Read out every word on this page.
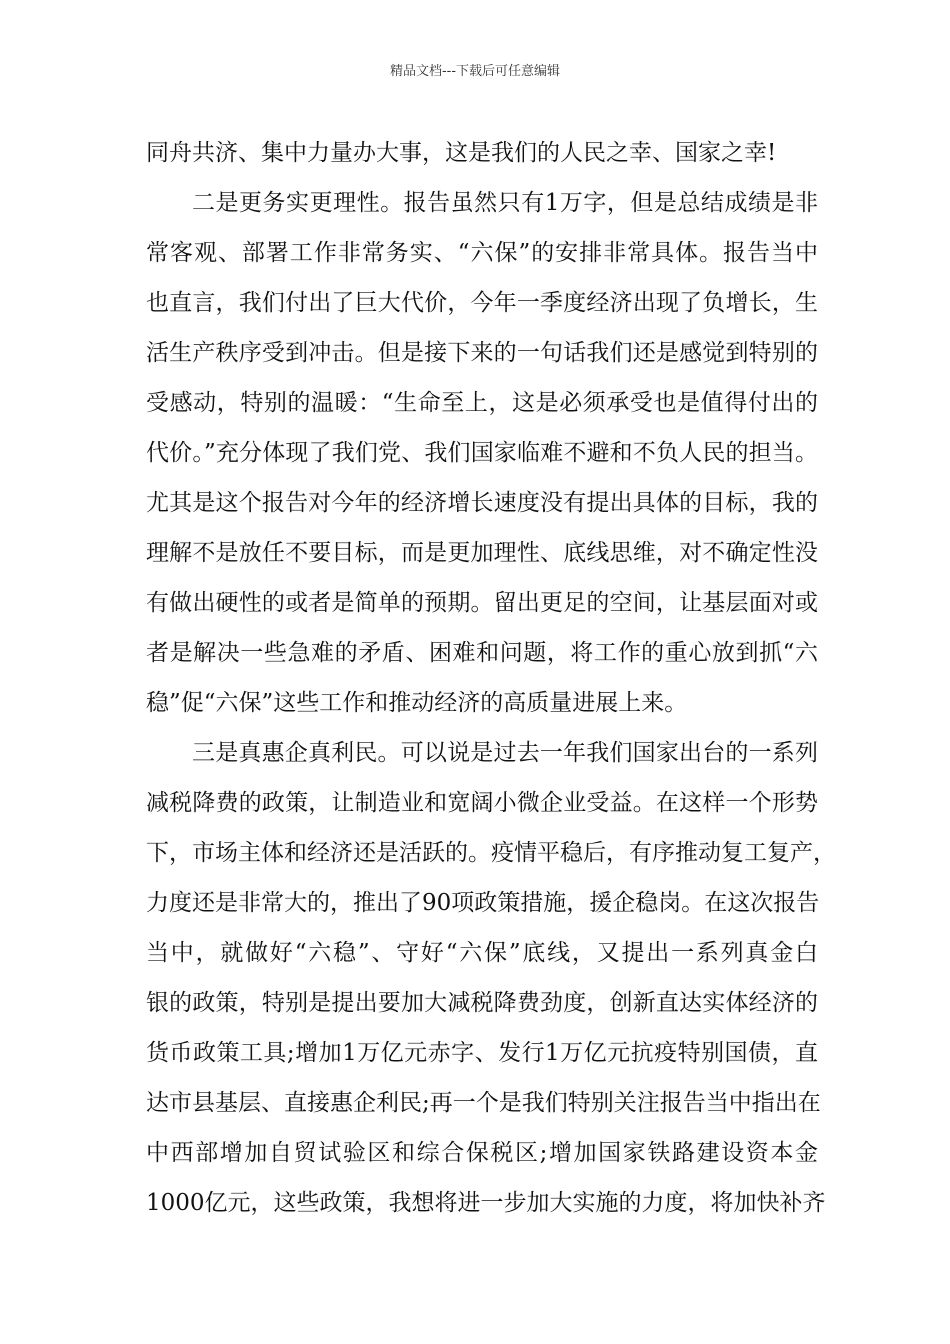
精品文档---下载后可任意编辑
同舟共济、集中力量办大事，这是我们的人民之幸、国家之幸!
二是更务实更理性。报告虽然只有1万字，但是总结成绩是非
常客观、部署工作非常务实、“六保”的安排非常具体。报告当中
也直言，我们付出了巨大代价，今年一季度经济出现了负增长，生
活生产秩序受到冲击。但是接下来的一句话我们还是感觉到特别的
受感动，特别的温暖：“生命至上，这是必须承受也是值得付出的
代价。”充分体现了我们党、我们国家临难不避和不负人民的担当。
尤其是这个报告对今年的经济增长速度没有提出具体的目标，我的
理解不是放任不要目标，而是更加理性、底线思维，对不确定性没
有做出硬性的或者是简单的预期。留出更足的空间，让基层面对或
者是解决一些急难的矛盾、困难和问题，将工作的重心放到抓“六
稳”促“六保”这些工作和推动经济的高质量进展上来。
三是真惠企真利民。可以说是过去一年我们国家出台的一系列
减税降费的政策，让制造业和宽阔小微企业受益。在这样一个形势
下，市场主体和经济还是活跃的。疫情平稳后，有序推动复工复产，
力度还是非常大的，推出了90项政策措施，援企稳岗。在这次报告
当中，就做好“六稳”、守好“六保”底线，又提出一系列真金白
银的政策，特别是提出要加大减税降费劲度，创新直达实体经济的
货币政策工具;增加1万亿元赤字、发行1万亿元抗疫特别国债，直
达市县基层、直接惠企利民;再一个是我们特别关注报告当中指出在
中西部增加自贸试验区和综合保税区;增加国家铁路建设资本金
1000亿元，这些政策，我想将进一步加大实施的力度，将加快补齐
